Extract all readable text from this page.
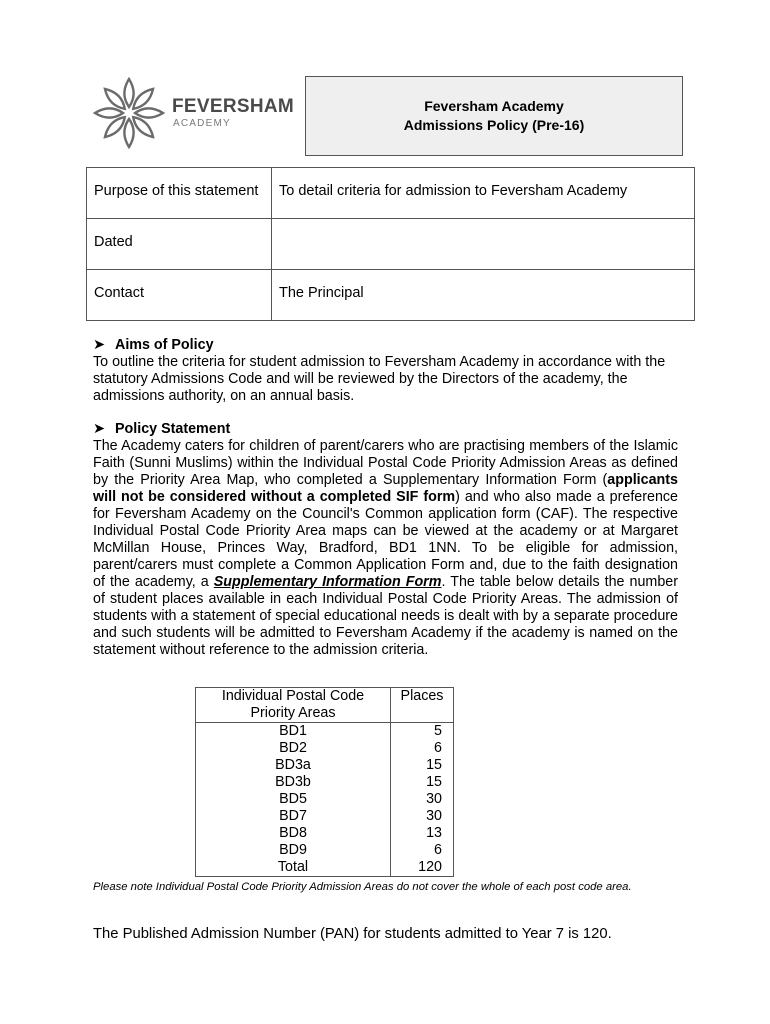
FEVERSHAM
ACADEMY
Feversham Academy
Admissions Policy (Pre-16)
Purpose of this statement	To detail criteria for admission to Feversham Academy
Dated	
Contact	The Principal
➤ Aims of Policy
To outline the criteria for student admission to Feversham Academy in accordance with the statutory Admissions Code and will be reviewed by the Directors of the academy, the admissions authority, on an annual basis.
➤ Policy Statement
The Academy caters for children of parent/carers who are practising members of the Islamic Faith (Sunni Muslims) within the Individual Postal Code Priority Admission Areas as defined by the Priority Area Map, who completed a Supplementary Information Form (applicants will not be considered without a completed SIF form) and who also made a preference for Feversham Academy on the Council's Common application form (CAF). The respective Individual Postal Code Priority Area maps can be viewed at the academy or at Margaret McMillan House, Princes Way, Bradford, BD1 1NN. To be eligible for admission, parent/carers must complete a Common Application Form and, due to the faith designation of the academy, a Supplementary Information Form. The table below details the number of student places available in each Individual Postal Code Priority Areas. The admission of students with a statement of special educational needs is dealt with by a separate procedure and such students will be admitted to Feversham Academy if the academy is named on the statement without reference to the admission criteria.
Individual Postal Code Priority Areas	Places
BD1	5
BD2	6
BD3a	15
BD3b	15
BD5	30
BD7	30
BD8	13
BD9	6
Total	120
Please note Individual Postal Code Priority Admission Areas do not cover the whole of each post code area.
The Published Admission Number (PAN) for students admitted to Year 7 is 120.
